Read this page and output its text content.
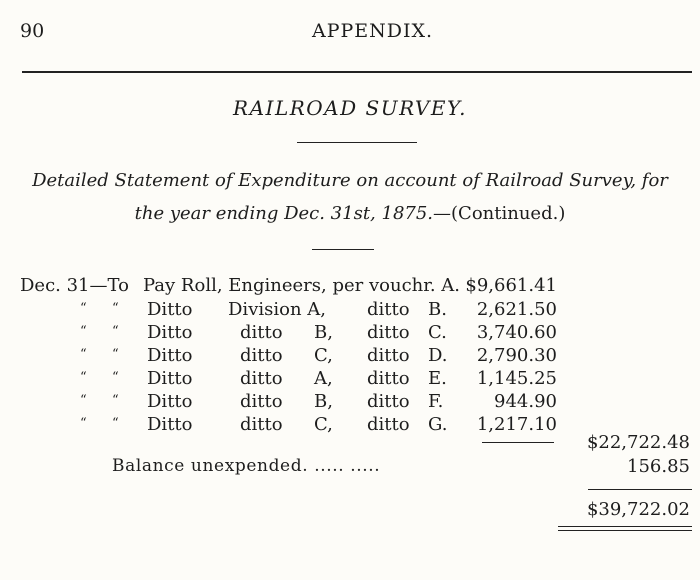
90	APPENDIX.
RAILROAD SURVEY.
Detailed Statement of Expenditure on account of Railroad Survey, for
the year ending Dec. 31st, 1875.—(Continued.)
Dec. 31—To Pay Roll, Engineers, per vouchr. A. $9,661.41
“ “ Ditto Division A, ditto B. 2,621.50
“ “ Ditto	ditto B, ditto C. 3,740.60
“ “ Ditto	ditto C, ditto D. 2,790.30
“ “ Ditto	ditto A, ditto E. 1,145.25
“ “ Ditto	ditto B, ditto F.	944.90
“ “ Ditto	ditto C, ditto G. 1,217.10
$22,722.48
Balance unexpended. ..... .....	156.85
$39,722.02
